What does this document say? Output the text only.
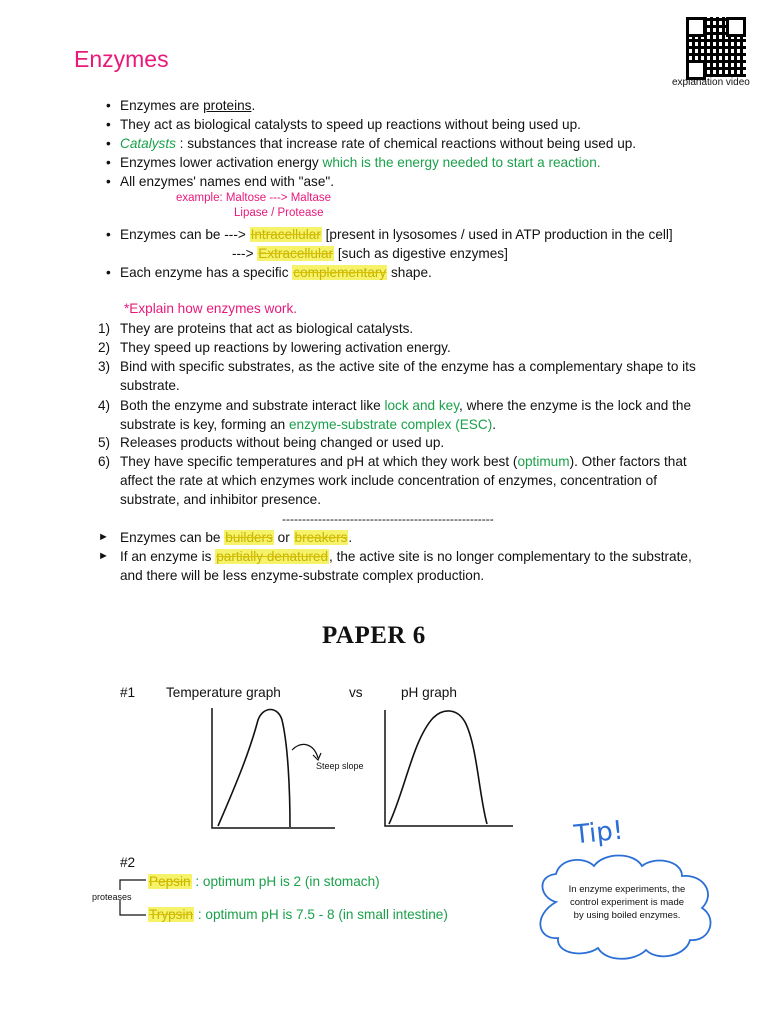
Enzymes
explanation video
• Enzymes are proteins.
• They act as biological catalysts to speed up reactions without being used up.
• Catalysts : substances that increase rate of chemical reactions without being used up.
• Enzymes lower activation energy which is the energy needed to start a reaction.
• All enzymes' names end with "ase".
example: Maltose ---> Maltase
Lipase / Protease
• Enzymes can be ---> Intracellular [present in lysosomes / used in ATP production in the cell]
---> Extracellular [such as digestive enzymes]
• Each enzyme has a specific complementary shape.
*Explain how enzymes work.
1) They are proteins that act as biological catalysts.
2) They speed up reactions by lowering activation energy.
3) Bind with specific substrates, as the active site of the enzyme has a complementary shape to its
substrate.
4) Both the enzyme and substrate interact like lock and key, where the enzyme is the lock and the
substrate is key, forming an enzyme-substrate complex (ESC).
5) Releases products without being changed or used up.
6) They have specific temperatures and pH at which they work best (optimum). Other factors that
affect the rate at which enzymes work include concentration of enzymes, concentration of
substrate, and inhibitor presence.
-----------------------------------------------------
► Enzymes can be builders or breakers.
► If an enzyme is partially denatured, the active site is no longer complementary to the substrate,
and there will be less enzyme-substrate complex production.
PAPER 6
#1 Temperature graph	vs	pH graph
Steep slope
#2
proteases
Pepsin : optimum pH is 2 (in stomach)
Trypsin : optimum pH is 7.5 - 8 (in small intestine)
Tip!
In enzyme experiments, the control experiment is made by using boiled enzymes.
